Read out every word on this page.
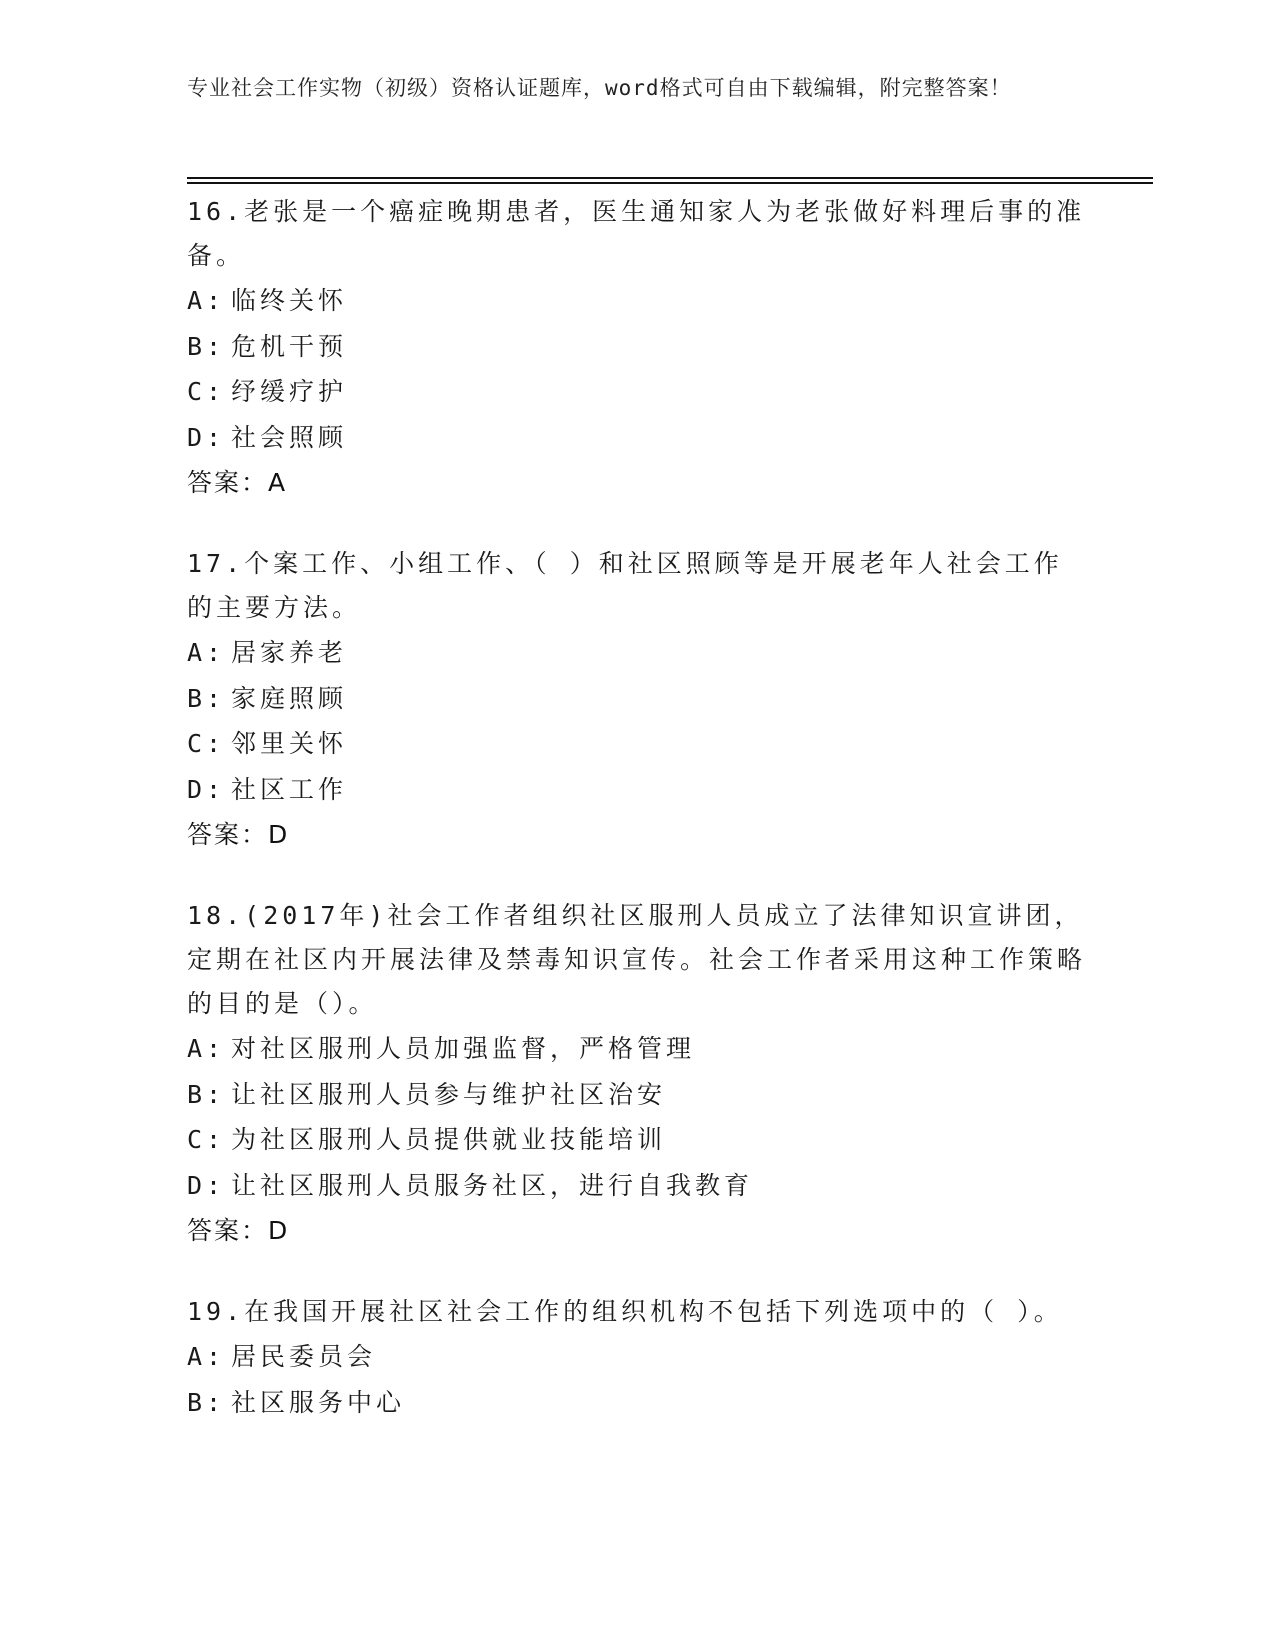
专业社会工作实物（初级）资格认证题库，word格式可自由下载编辑，附完整答案！

16.老张是一个癌症晚期患者，医生通知家人为老张做好料理后事的准备。

A: 临终关怀
B: 危机干预
C: 纾缓疗护
D: 社会照顾
答案：A

17.个案工作、小组工作、（ ）和社区照顾等是开展老年人社会工作的主要方法。

A: 居家养老
B: 家庭照顾
C: 邻里关怀
D: 社区工作
答案：D

18.(2017年)社会工作者组织社区服刑人员成立了法律知识宣讲团，定期在社区内开展法律及禁毒知识宣传。社会工作者采用这种工作策略的目的是（）。

A: 对社区服刑人员加强监督，严格管理
B: 让社区服刑人员参与维护社区治安
C: 为社区服刑人员提供就业技能培训
D: 让社区服刑人员服务社区，进行自我教育
答案：D

19.在我国开展社区社会工作的组织机构不包括下列选项中的（ ）。

A: 居民委员会
B: 社区服务中心
